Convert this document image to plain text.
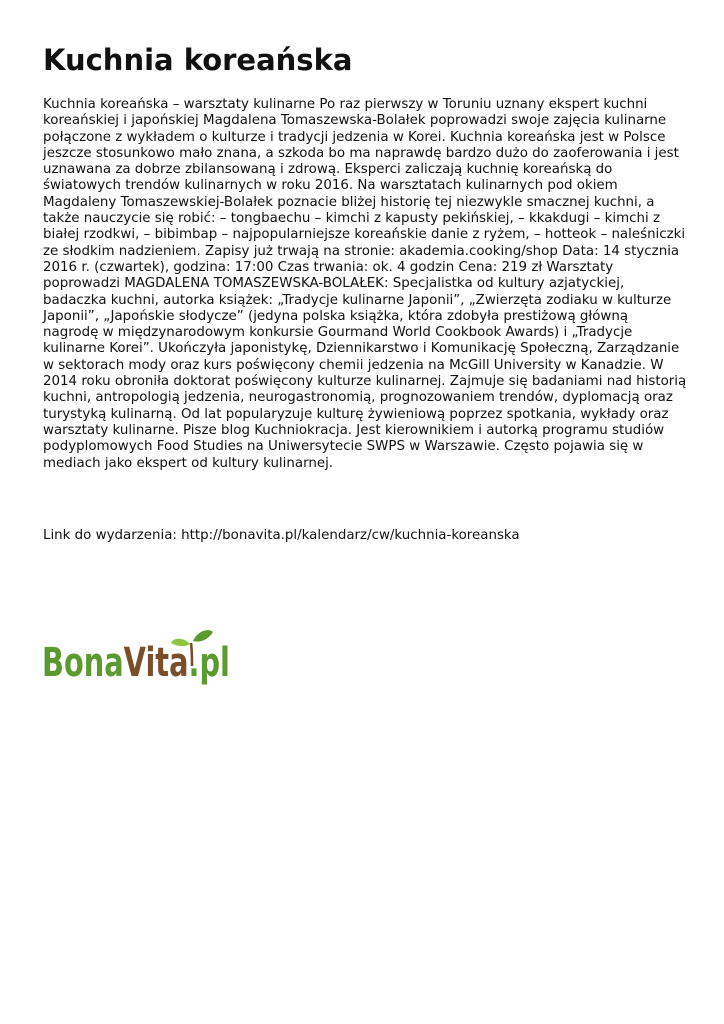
Kuchnia koreańska

Kuchnia koreańska – warsztaty kulinarne Po raz pierwszy w Toruniu uznany ekspert kuchni koreańskiej i japońskiej Magdalena Tomaszewska-Bolałek poprowadzi swoje zajęcia kulinarne połączone z wykładem o kulturze i tradycji jedzenia w Korei. Kuchnia koreańska jest w Polsce jeszcze stosunkowo mało znana, a szkoda bo ma naprawdę bardzo dużo do zaoferowania i jest uznawana za dobrze zbilansowaną i zdrową. Eksperci zaliczają kuchnię koreańską do światowych trendów kulinarnych w roku 2016. Na warsztatach kulinarnych pod okiem Magdaleny Tomaszewskiej-Bolałek poznacie bliżej historię tej niezwykle smacznej kuchni, a także nauczycie się robić: – tongbaechu – kimchi z kapusty pekińskiej, – kkakdugi – kimchi z białej rzodkwi, – bibimbap – najpopularniejsze koreańskie danie z ryżem, – hotteok – naleśniczki ze słodkim nadzieniem. Zapisy już trwają na stronie: akademia.cooking/shop Data: 14 stycznia 2016 r. (czwartek), godzina: 17:00 Czas trwania: ok. 4 godzin Cena: 219 zł Warsztaty poprowadzi MAGDALENA TOMASZEWSKA-BOLAŁEK: Specjalistka od kultury azjatyckiej, badaczka kuchni, autorka książek: „Tradycje kulinarne Japonii”, „Zwierzęta zodiaku w kulturze Japonii”, „Japońskie słodycze” (jedyna polska książka, która zdobyła prestiżową główną nagrodę w międzynarodowym konkursie Gourmand World Cookbook Awards) i „Tradycje kulinarne Korei”. Ukończyła japonistykę, Dziennikarstwo i Komunikację Społeczną, Zarządzanie w sektorach mody oraz kurs poświęcony chemii jedzenia na McGill University w Kanadzie. W 2014 roku obroniła doktorat poświęcony kulturze kulinarnej. Zajmuje się badaniami nad historią kuchni, antropologią jedzenia, neurogastronomią, prognozowaniem trendów, dyplomacją oraz turystyką kulinarną. Od lat popularyzuje kulturę żywieniową poprzez spotkania, wykłady oraz warsztaty kulinarne. Pisze blog Kuchniokracja. Jest kierownikiem i autorką programu studiów podyplomowych Food Studies na Uniwersytecie SWPS w Warszawie. Często pojawia się w mediach jako ekspert od kultury kulinarnej.

Link do wydarzenia: http://bonavita.pl/kalendarz/cw/kuchnia-koreanska

BonaVita.pl
